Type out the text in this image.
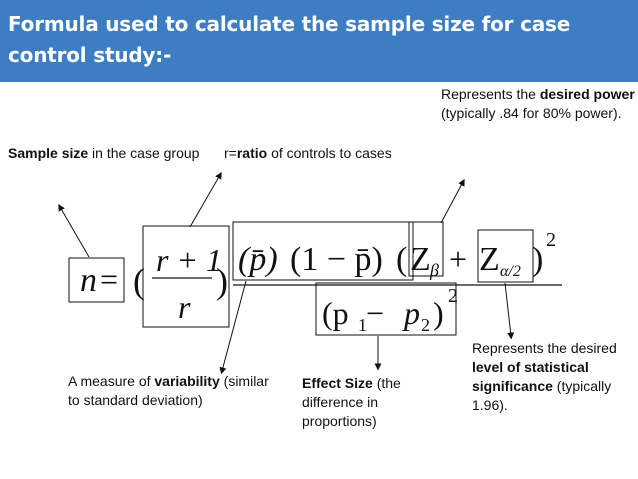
Formula used to calculate the sample size for case control study:-
Sample size in the case group	r=ratio of controls to cases
Represents the desired power (typically .84 for 80% power).
A measure of variability (similar to standard deviation)
Effect Size (the difference in proportions)
Represents the desired level of statistical significance (typically 1.96).
n = (
r + 1
r
)
(p̄) (1 − p̄) ( Z β + Z α/2 )
2
(p 1 − p 2 ) 2
